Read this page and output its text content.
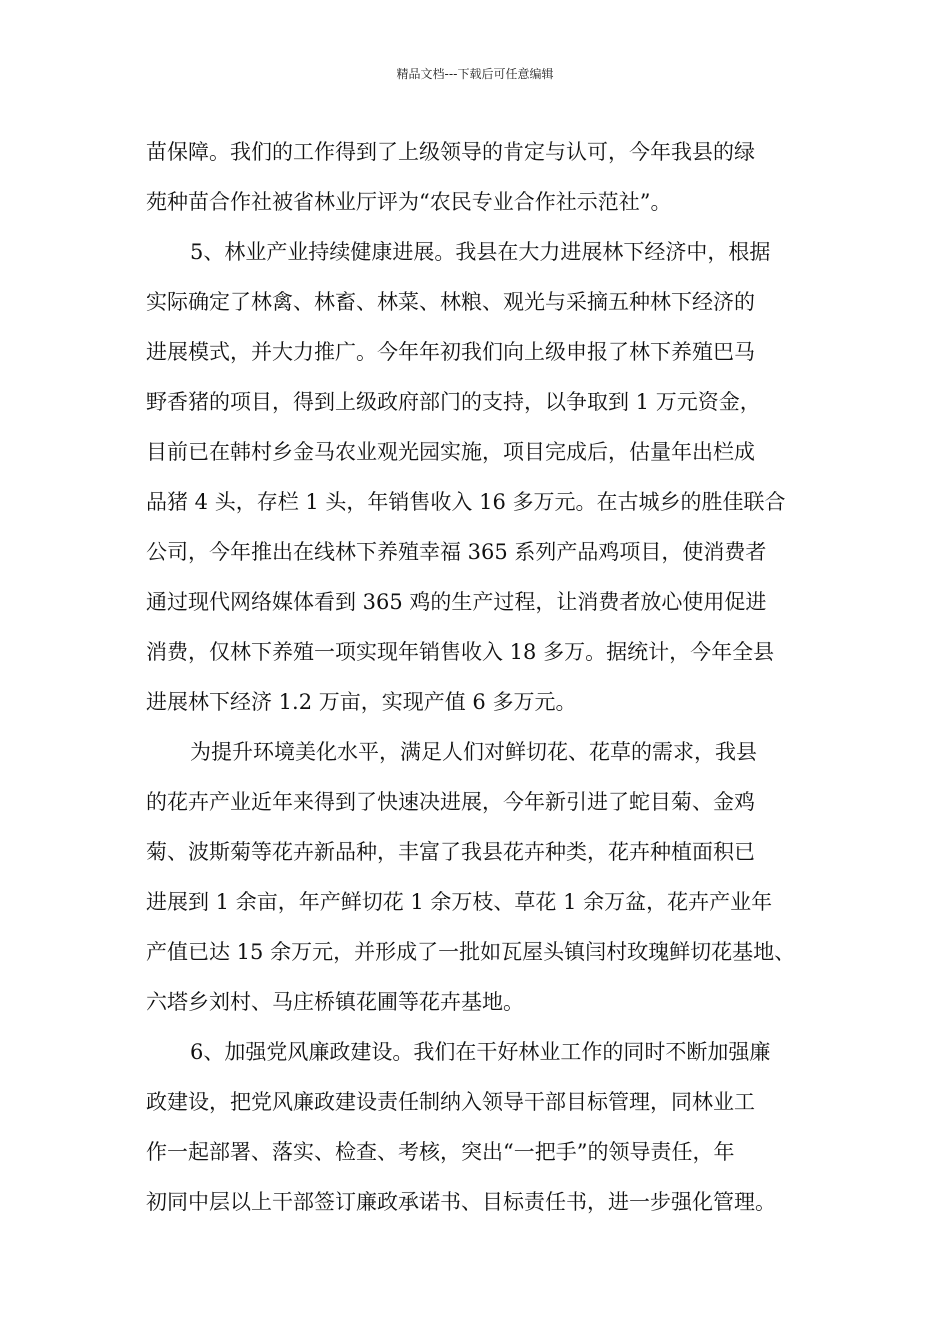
精品文档---下载后可任意编辑
苗保障。我们的工作得到了上级领导的肯定与认可，今年我县的绿
苑种苗合作社被省林业厅评为“农民专业合作社示范社”。
5、林业产业持续健康进展。我县在大力进展林下经济中，根据
实际确定了林禽、林畜、林菜、林粮、观光与采摘五种林下经济的
进展模式，并大力推广。今年年初我们向上级申报了林下养殖巴马
野香猪的项目，得到上级政府部门的支持，以争取到 1 万元资金，
目前已在韩村乡金马农业观光园实施，项目完成后，估量年出栏成
品猪 4 头，存栏 1 头，年销售收入 16 多万元。在古城乡的胜佳联合
公司，今年推出在线林下养殖幸福 365 系列产品鸡项目，使消费者
通过现代网络媒体看到 365 鸡的生产过程，让消费者放心使用促进
消费，仅林下养殖一项实现年销售收入 18 多万。据统计，今年全县
进展林下经济 1.2 万亩，实现产值 6 多万元。
为提升环境美化水平，满足人们对鲜切花、花草的需求，我县
的花卉产业近年来得到了快速决进展，今年新引进了蛇目菊、金鸡
菊、波斯菊等花卉新品种，丰富了我县花卉种类，花卉种植面积已
进展到 1 余亩，年产鲜切花 1 余万枝、草花 1 余万盆，花卉产业年
产值已达 15 余万元，并形成了一批如瓦屋头镇闫村玫瑰鲜切花基地、
六塔乡刘村、马庄桥镇花圃等花卉基地。
6、加强党风廉政建设。我们在干好林业工作的同时不断加强廉
政建设，把党风廉政建设责任制纳入领导干部目标管理，同林业工
作一起部署、落实、检查、考核，突出“一把手”的领导责任，年
初同中层以上干部签订廉政承诺书、目标责任书，进一步强化管理。
